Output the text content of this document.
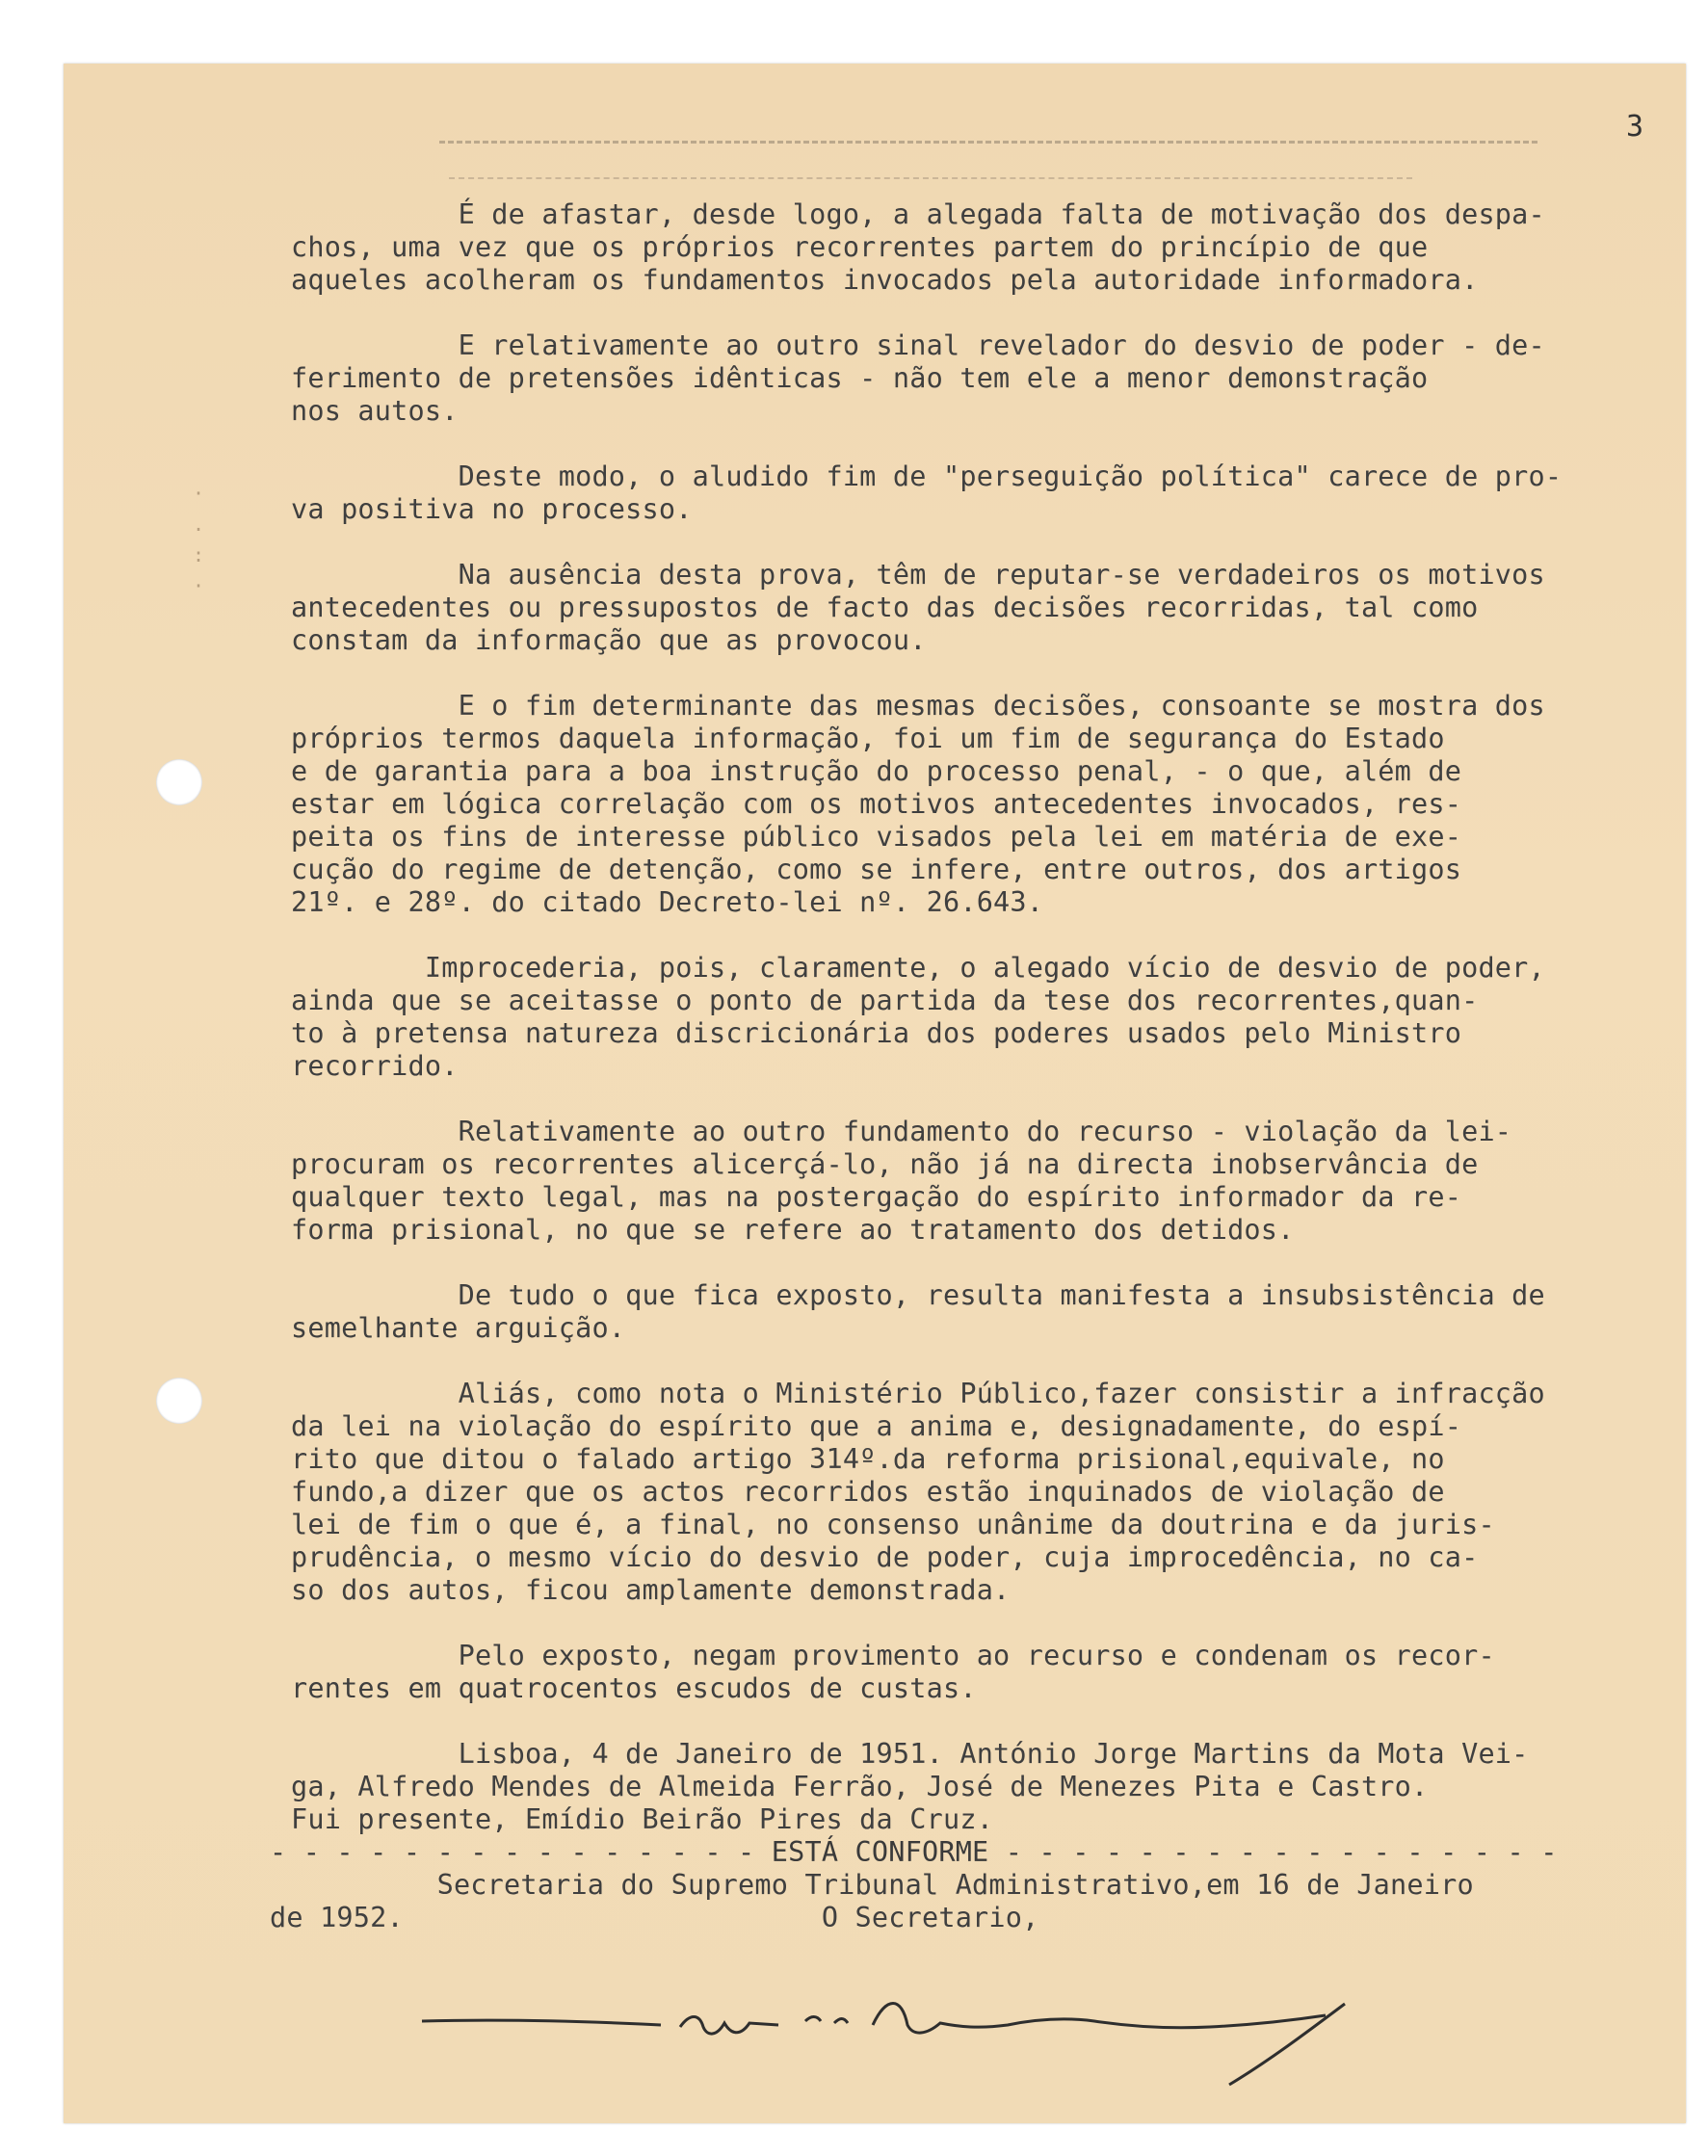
·
.
:
·
3
É de afastar, desde logo, a alegada falta de motivação dos despa-
chos, uma vez que os próprios recorrentes partem do princípio de que
aqueles acolheram os fundamentos invocados pela autoridade informadora.
E relativamente ao outro sinal revelador do desvio de poder - de-
ferimento de pretensões idênticas - não tem ele a menor demonstração
nos autos.
Deste modo, o aludido fim de "perseguição política" carece de pro-
va positiva no processo.
Na ausência desta prova, têm de reputar-se verdadeiros os motivos
antecedentes ou pressupostos de facto das decisões recorridas, tal como
constam da informação que as provocou.
E o fim determinante das mesmas decisões, consoante se mostra dos
próprios termos daquela informação, foi um fim de segurança do Estado
e de garantia para a boa instrução do processo penal, - o que, além de
estar em lógica correlação com os motivos antecedentes invocados, res-
peita os fins de interesse público visados pela lei em matéria de exe-
cução do regime de detenção, como se infere, entre outros, dos artigos
21º. e 28º. do citado Decreto-lei nº. 26.643.
Improcederia, pois, claramente, o alegado vício de desvio de poder,
ainda que se aceitasse o ponto de partida da tese dos recorrentes,quan-
to à pretensa natureza discricionária dos poderes usados pelo Ministro
recorrido.
Relativamente ao outro fundamento do recurso - violação da lei-
procuram os recorrentes alicerçá-lo, não já na directa inobservância de
qualquer texto legal, mas na postergação do espírito informador da re-
forma prisional, no que se refere ao tratamento dos detidos.
De tudo o que fica exposto, resulta manifesta a insubsistência de
semelhante arguição.
Aliás, como nota o Ministério Público,fazer consistir a infracção
da lei na violação do espírito que a anima e, designadamente, do espí-
rito que ditou o falado artigo 314º.da reforma prisional,equivale, no
fundo,a dizer que os actos recorridos estão inquinados de violação de
lei de fim o que é, a final, no consenso unânime da doutrina e da juris-
prudência, o mesmo vício do desvio de poder, cuja improcedência, no ca-
so dos autos, ficou amplamente demonstrada.
Pelo exposto, negam provimento ao recurso e condenam os recor-
rentes em quatrocentos escudos de custas.
Lisboa, 4 de Janeiro de 1951. António Jorge Martins da Mota Vei-
ga, Alfredo Mendes de Almeida Ferrão, José de Menezes Pita e Castro.
Fui presente, Emídio Beirão Pires da Cruz.
- - - - - - - - - - - - - - - ESTÁ CONFORME - - - - - - - - - - - - - - - - -
Secretaria do Supremo Tribunal Administrativo,em 16 de Janeiro
de 1952.                         O Secretario,
